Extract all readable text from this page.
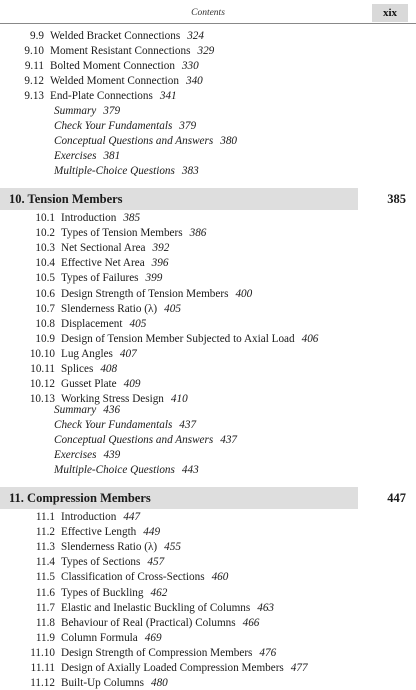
Contents	xix
9.9 Welded Bracket Connections 324
9.10 Moment Resistant Connections 329
9.11 Bolted Moment Connection 330
9.12 Welded Moment Connection 340
9.13 End-Plate Connections 341
Summary 379
Check Your Fundamentals 379
Conceptual Questions and Answers 380
Exercises 381
Multiple-Choice Questions 383
10. Tension Members	385
10.1 Introduction 385
10.2 Types of Tension Members 386
10.3 Net Sectional Area 392
10.4 Effective Net Area 396
10.5 Types of Failures 399
10.6 Design Strength of Tension Members 400
10.7 Slenderness Ratio (λ) 405
10.8 Displacement 405
10.9 Design of Tension Member Subjected to Axial Load 406
10.10 Lug Angles 407
10.11 Splices 408
10.12 Gusset Plate 409
10.13 Working Stress Design 410
Summary 436
Check Your Fundamentals 437
Conceptual Questions and Answers 437
Exercises 439
Multiple-Choice Questions 443
11. Compression Members	447
11.1 Introduction 447
11.2 Effective Length 449
11.3 Slenderness Ratio (λ) 455
11.4 Types of Sections 457
11.5 Classification of Cross-Sections 460
11.6 Types of Buckling 462
11.7 Elastic and Inelastic Buckling of Columns 463
11.8 Behaviour of Real (Practical) Columns 466
11.9 Column Formula 469
11.10 Design Strength of Compression Members 476
11.11 Design of Axially Loaded Compression Members 477
11.12 Built-Up Columns 480
